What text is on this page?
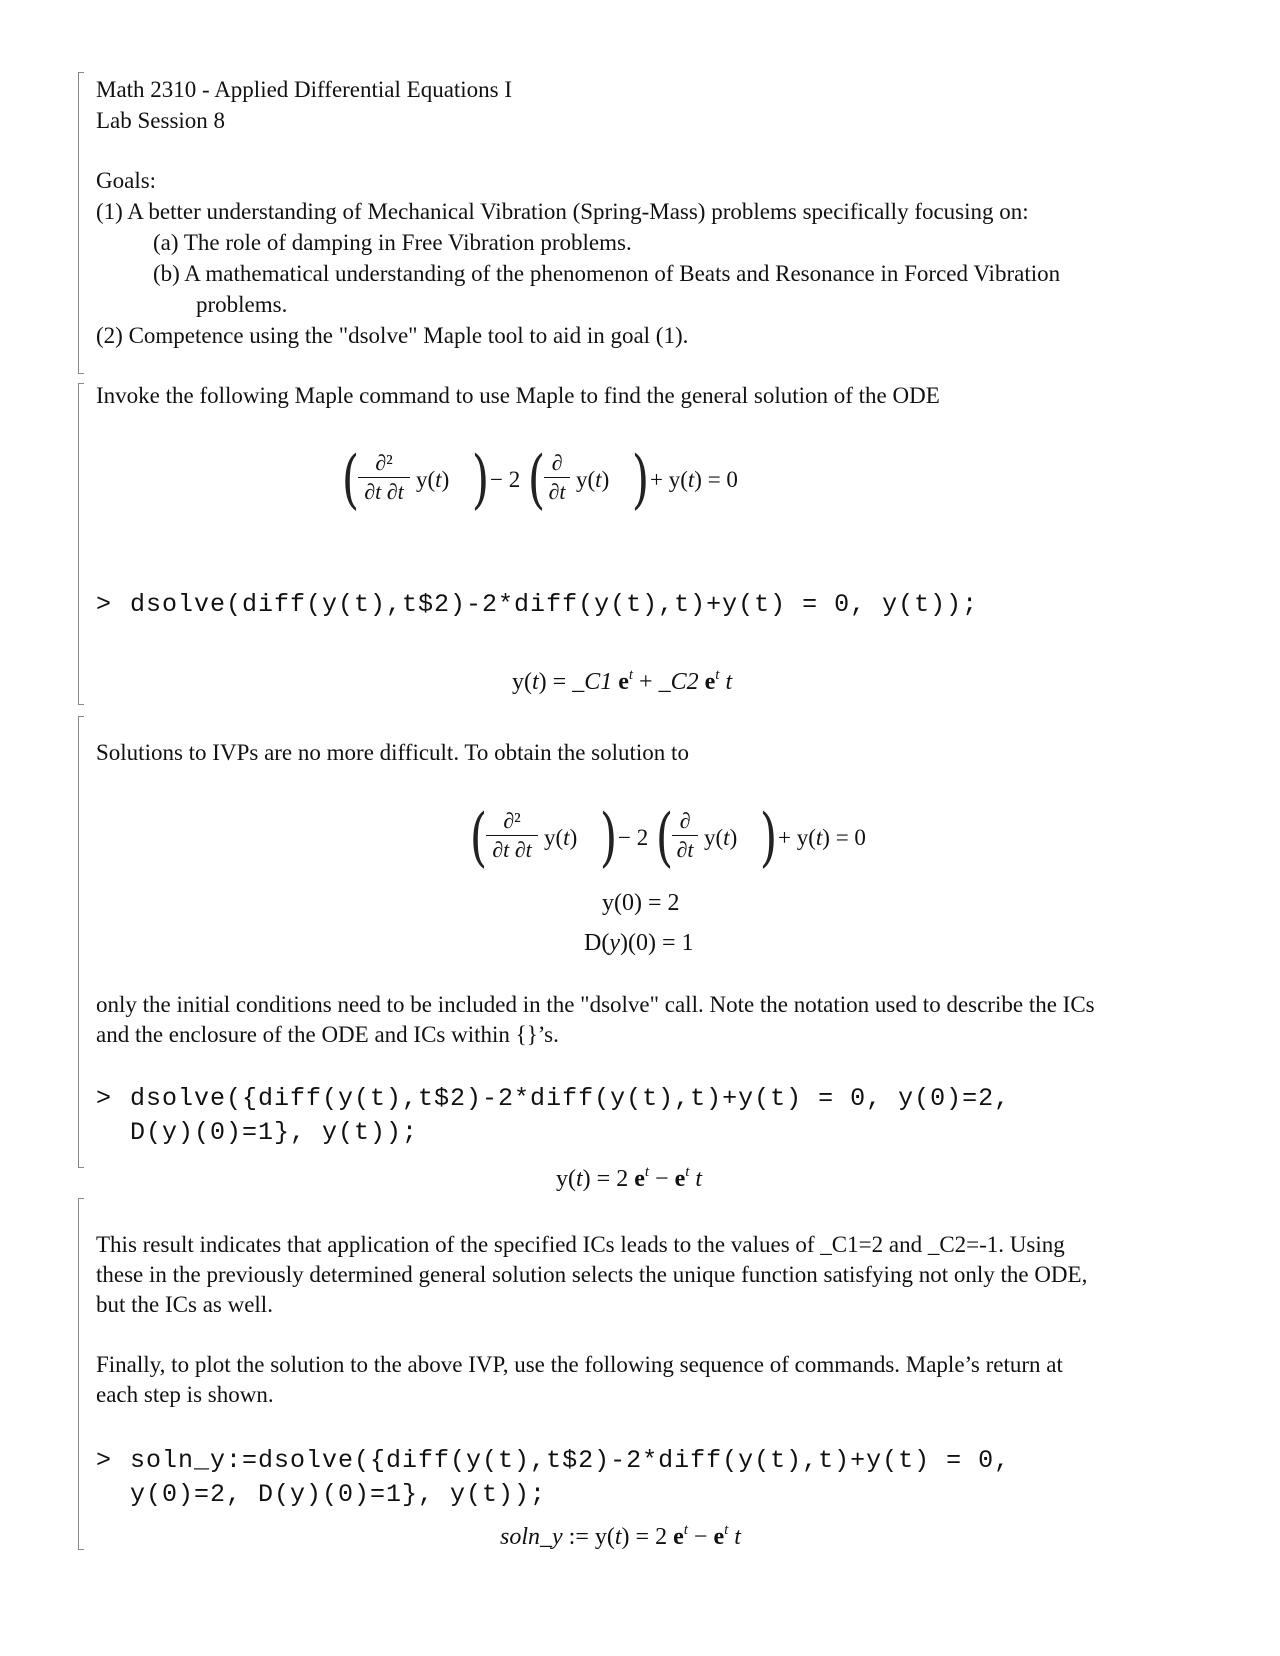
Math 2310 - Applied Differential Equations I
Lab Session 8
Goals:
(1) A better understanding of Mechanical Vibration (Spring-Mass) problems specifically focusing on:
(a) The role of damping in Free Vibration problems.
(b) A mathematical understanding of the phenomenon of Beats and Resonance in Forced Vibration
problems.
(2) Competence using the "dsolve" Maple tool to aid in goal (1).
Invoke the following Maple command to use Maple to find the general solution of the ODE
( ∂²
∂t ∂t y(t) ) − 2 ( ∂
∂t y(t) ) + y(t) = 0
> dsolve(diff(y(t),t$2)-2*diff(y(t),t)+y(t) = 0, y(t));
y(t) = _C1 $e^t$ + _C2 $e^t$ t
Solutions to IVPs are no more difficult. To obtain the solution to
( ∂²
∂t ∂t y(t) ) − 2 ( ∂
∂t y(t) ) + y(t) = 0
y(0) = 2
D(y)(0) = 1
only the initial conditions need to be included in the "dsolve" call. Note the notation used to describe the ICs
and the enclosure of the ODE and ICs within {}’s.
> dsolve({diff(y(t),t$2)-2*diff(y(t),t)+y(t) = 0, y(0)=2,
D(y)(0)=1}, y(t));
y(t) = 2 $e^t - e^t$ t
This result indicates that application of the specified ICs leads to the values of _C1=2 and _C2=-1. Using
these in the previously determined general solution selects the unique function satisfying not only the ODE,
but the ICs as well.
Finally, to plot the solution to the above IVP, use the following sequence of commands. Maple’s return at
each step is shown.
> soln_y:=dsolve({diff(y(t),t$2)-2*diff(y(t),t)+y(t) = 0,
y(0)=2, D(y)(0)=1}, y(t));
soln_y := y(t) = 2 $e^t - e^t$ t
